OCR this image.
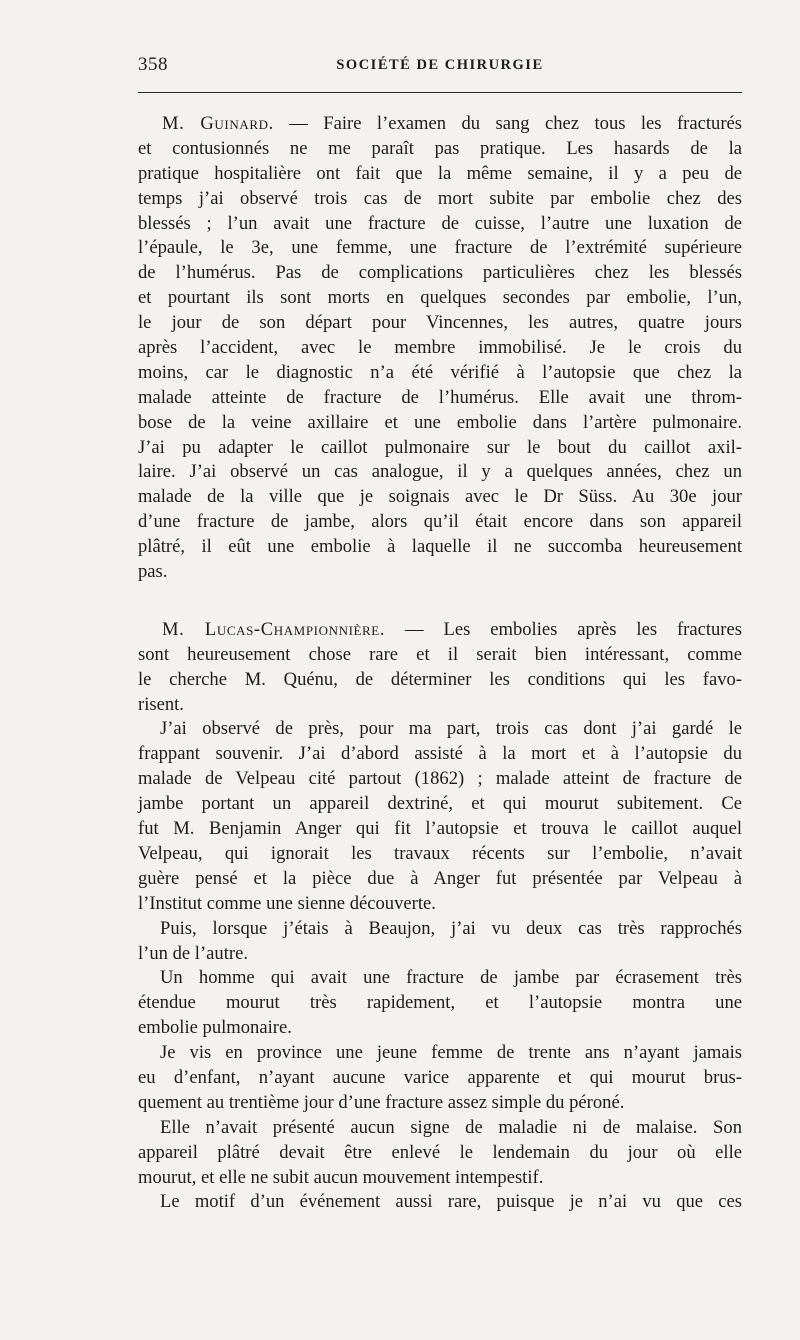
358	SOCIÉTÉ DE CHIRURGIE
M. Guinard. — Faire l’examen du sang chez tous les fracturés
et contusionnés ne me paraît pas pratique. Les hasards de la
pratique hospitalière ont fait que la même semaine, il y a peu de
temps j’ai observé trois cas de mort subite par embolie chez des
blessés ; l’un avait une fracture de cuisse, l’autre une luxation de
l’épaule, le 3e, une femme, une fracture de l’extrémité supérieure
de l’humérus. Pas de complications particulières chez les blessés
et pourtant ils sont morts en quelques secondes par embolie, l’un,
le jour de son départ pour Vincennes, les autres, quatre jours
après l’accident, avec le membre immobilisé. Je le crois du
moins, car le diagnostic n’a été vérifié à l’autopsie que chez la
malade atteinte de fracture de l’humérus. Elle avait une throm-
bose de la veine axillaire et une embolie dans l’artère pulmonaire.
J’ai pu adapter le caillot pulmonaire sur le bout du caillot axil-
laire. J’ai observé un cas analogue, il y a quelques années, chez un
malade de la ville que je soignais avec le Dr Süss. Au 30e jour
d’une fracture de jambe, alors qu’il était encore dans son appareil
plâtré, il eût une embolie à laquelle il ne succomba heureusement
pas.
M. Lucas-Championnière. — Les embolies après les fractures
sont heureusement chose rare et il serait bien intéressant, comme
le cherche M. Quénu, de déterminer les conditions qui les favo-
risent.
J’ai observé de près, pour ma part, trois cas dont j’ai gardé le
frappant souvenir. J’ai d’abord assisté à la mort et à l’autopsie du
malade de Velpeau cité partout (1862) ; malade atteint de fracture de
jambe portant un appareil dextriné, et qui mourut subitement. Ce
fut M. Benjamin Anger qui fit l’autopsie et trouva le caillot auquel
Velpeau, qui ignorait les travaux récents sur l’embolie, n’avait
guère pensé et la pièce due à Anger fut présentée par Velpeau à
l’Institut comme une sienne découverte.
Puis, lorsque j’étais à Beaujon, j’ai vu deux cas très rapprochés
l’un de l’autre.
Un homme qui avait une fracture de jambe par écrasement très
étendue mourut très rapidement, et l’autopsie montra une
embolie pulmonaire.
Je vis en province une jeune femme de trente ans n’ayant jamais
eu d’enfant, n’ayant aucune varice apparente et qui mourut brus-
quement au trentième jour d’une fracture assez simple du péroné.
Elle n’avait présenté aucun signe de maladie ni de malaise. Son
appareil plâtré devait être enlevé le lendemain du jour où elle
mourut, et elle ne subit aucun mouvement intempestif.
Le motif d’un événement aussi rare, puisque je n’ai vu que ces
